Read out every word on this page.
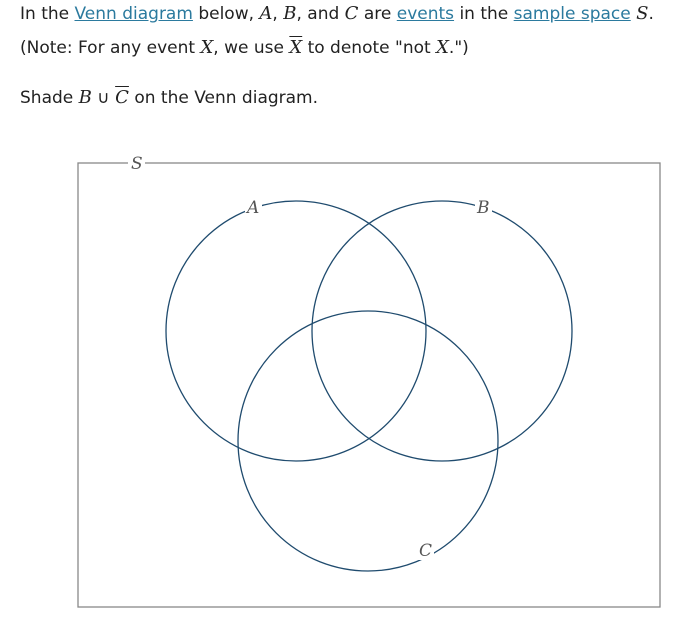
In the Venn diagram below, A, B, and C are events in the sample space S.
(Note: For any event X, we use $\overline{X}$ to denote "not X.")
Shade B ∪ $\overline{C}$ on the Venn diagram.
S
A	B
C
